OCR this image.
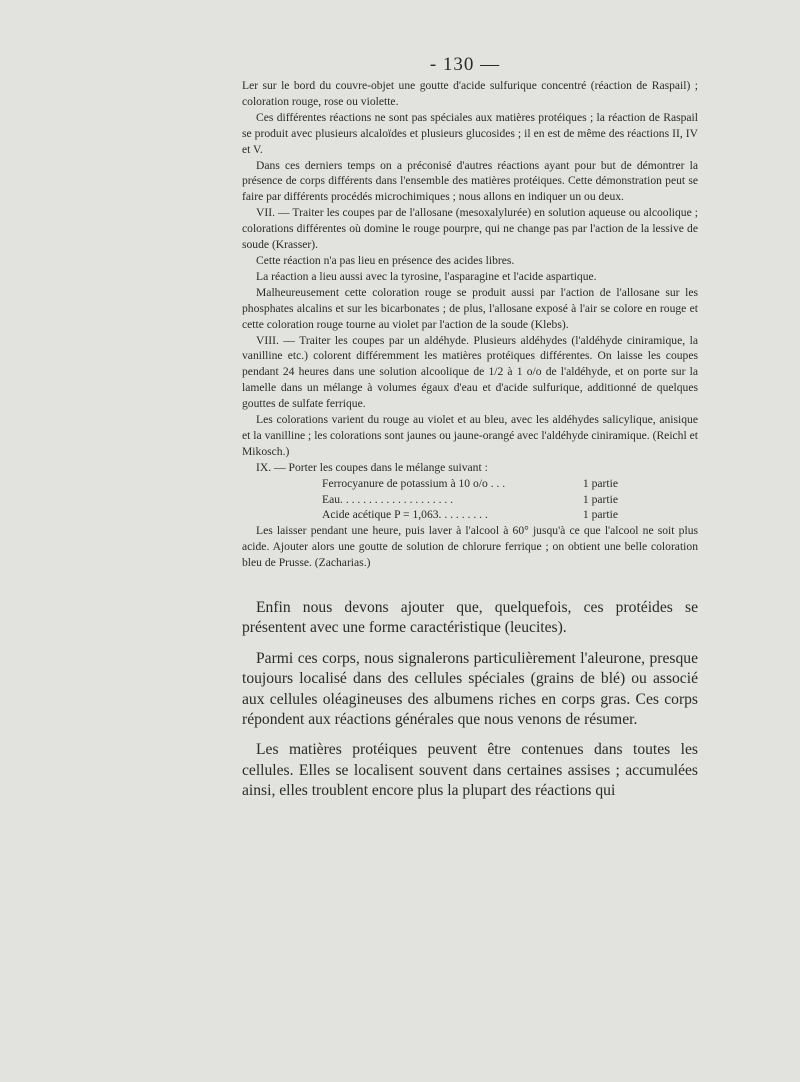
- 130 —

Ler sur le bord du couvre-objet une goutte d'acide sulfurique concentré (réaction de Raspail) ; coloration rouge, rose ou violette.

Ces différentes réactions ne sont pas spéciales aux matières protéiques ; la réaction de Raspail se produit avec plusieurs alcaloïdes et plusieurs glucosides ; il en est de même des réactions II, IV et V.

Dans ces derniers temps on a préconisé d'autres réactions ayant pour but de démontrer la présence de corps différents dans l'ensemble des matières protéiques. Cette démonstration peut se faire par différents procédés microchimiques ; nous allons en indiquer un ou deux.

VII. — Traiter les coupes par de l'allosane (mesoxalylurée) en solution aqueuse ou alcoolique ; colorations différentes où domine le rouge pourpre, qui ne change pas par l'action de la lessive de soude (Krasser).

Cette réaction n'a pas lieu en présence des acides libres.

La réaction a lieu aussi avec la tyrosine, l'asparagine et l'acide aspartique.

Malheureusement cette coloration rouge se produit aussi par l'action de l'allosane sur les phosphates alcalins et sur les bicarbonates ; de plus, l'allosane exposé à l'air se colore en rouge et cette coloration rouge tourne au violet par l'action de la soude (Klebs).

VIII. — Traiter les coupes par un aldéhyde. Plusieurs aldéhydes (l'aldéhyde ciniramique, la vanilline etc.) colorent différemment les matières protéiques différentes. On laisse les coupes pendant 24 heures dans une solution alcoolique de 1/2 à 1 o/o de l'aldéhyde, et on porte sur la lamelle dans un mélange à volumes égaux d'eau et d'acide sulfurique, additionné de quelques gouttes de sulfate ferrique.

Les colorations varient du rouge au violet et au bleu, avec les aldéhydes salicylique, anisique et la vanilline ; les colorations sont jaunes ou jaune-orangé avec l'aldéhyde ciniramique. (Reichl et Mikosch.)

IX. — Porter les coupes dans le mélange suivant :

Ferrocyanure de potassium à 10 o/o . . .	1 partie
Eau. . . . . . . . . . . . . . . . . . . .	1 partie
Acide acétique P = 1,063. . . . . . . . .	1 partie

Les laisser pendant une heure, puis laver à l'alcool à 60° jusqu'à ce que l'alcool ne soit plus acide. Ajouter alors une goutte de solution de chlorure ferrique ; on obtient une belle coloration bleu de Prusse. (Zacharias.)

Enfin nous devons ajouter que, quelquefois, ces protéides se présentent avec une forme caractéristique (leucites).

Parmi ces corps, nous signalerons particulièrement l'aleurone, presque toujours localisé dans des cellules spéciales (grains de blé) ou associé aux cellules oléagineuses des albumens riches en corps gras. Ces corps répondent aux réactions générales que nous venons de résumer.

Les matières protéiques peuvent être contenues dans toutes les cellules. Elles se localisent souvent dans certaines assises ; accumulées ainsi, elles troublent encore plus la plupart des réactions qui
